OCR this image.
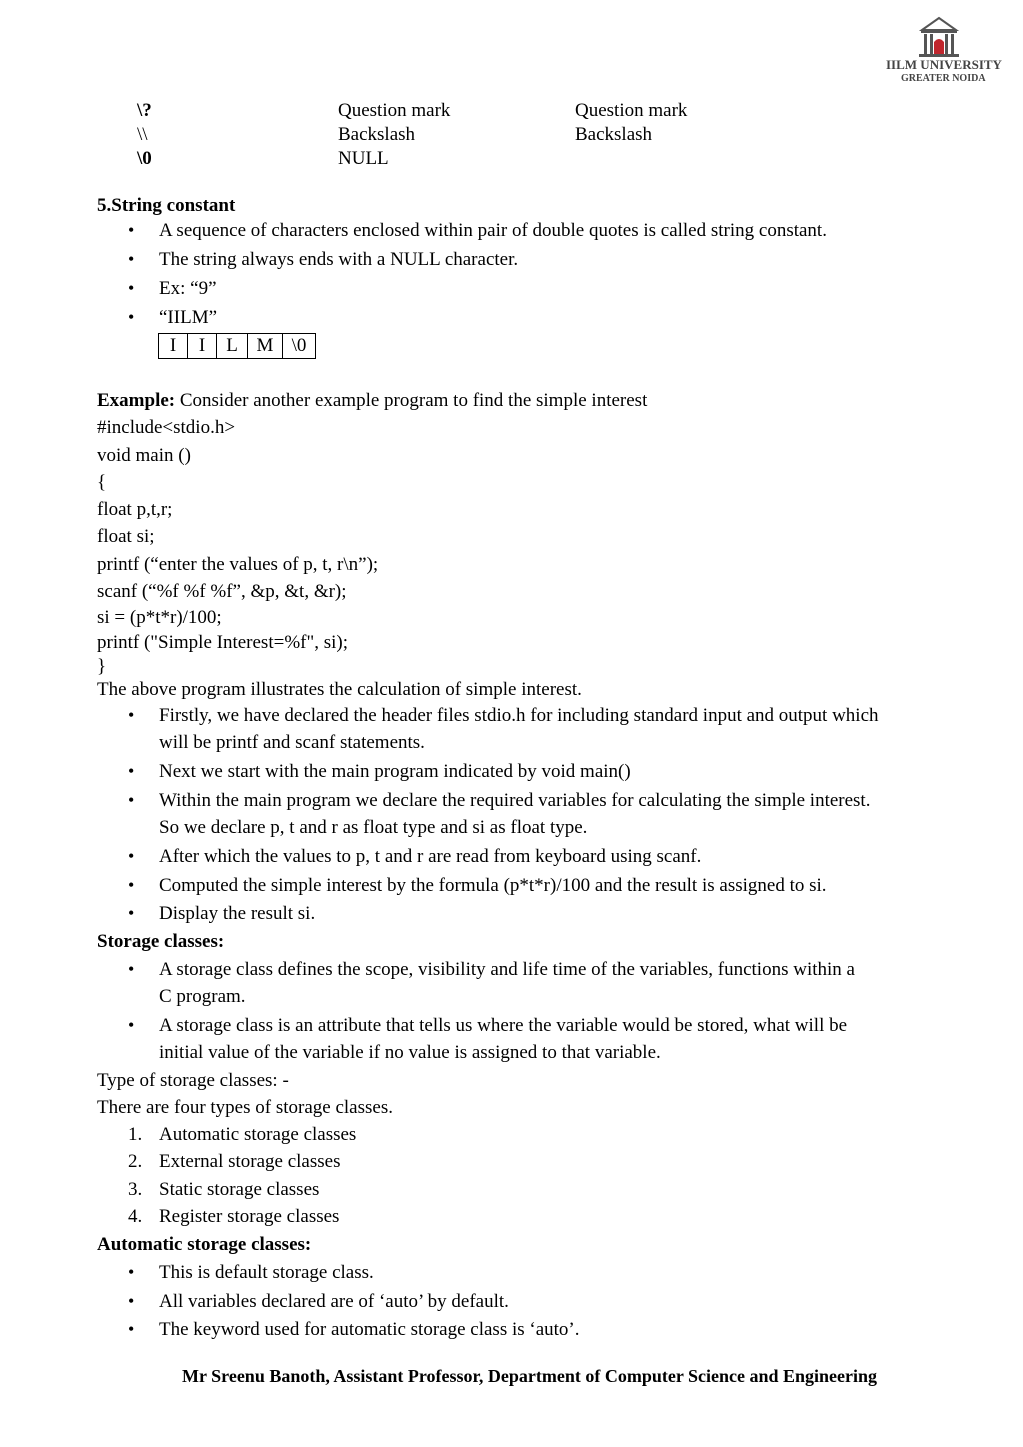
IILM UNIVERSITY
GREATER NOIDA
\?	Question mark	Question mark
\\	Backslash	Backslash
\0	NULL
5.String constant
• A sequence of characters enclosed within pair of double quotes is called string constant.
• The string always ends with a NULL character.
• Ex: “9”
• “IILM”
I	I	L	M	\0
Example: Consider another example program to find the simple interest
#include<stdio.h>
void main ()
{
float p,t,r;
float si;
printf (“enter the values of p, t, r\n”);
scanf (“%f %f %f”, &p, &t, &r);
si = (p*t*r)/100;
printf ("Simple Interest=%f", si);
}
The above program illustrates the calculation of simple interest.
• Firstly, we have declared the header files stdio.h for including standard input and output which
will be printf and scanf statements.
• Next we start with the main program indicated by void main()
• Within the main program we declare the required variables for calculating the simple interest.
So we declare p, t and r as float type and si as float type.
• After which the values to p, t and r are read from keyboard using scanf.
• Computed the simple interest by the formula (p*t*r)/100 and the result is assigned to si.
• Display the result si.
Storage classes:
• A storage class defines the scope, visibility and life time of the variables, functions within a
C program.
• A storage class is an attribute that tells us where the variable would be stored, what will be
initial value of the variable if no value is assigned to that variable.
Type of storage classes: -
There are four types of storage classes.
1. Automatic storage classes
2. External storage classes
3. Static storage classes
4. Register storage classes
Automatic storage classes:
• This is default storage class.
• All variables declared are of ‘auto’ by default.
• The keyword used for automatic storage class is ‘auto’.
Mr Sreenu Banoth, Assistant Professor, Department of Computer Science and Engineering
